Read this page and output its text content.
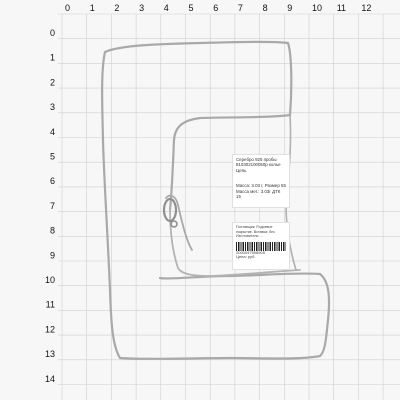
0 1 2 3 4 5 6 7 8 9 10 11 12
0
1
2
3
4
5
6
7
8
9
10
11
12
13
14
Серебро 925 пробы
810302100050р колье Цепь
Масса: 3.03 г, Размер 55
Масса мет.: 3.03г ДТК 15
Поставщик: Родиевое
покрытие. Вставка: без
Изготовитель: ...
2000047508905
Цена: руб.
